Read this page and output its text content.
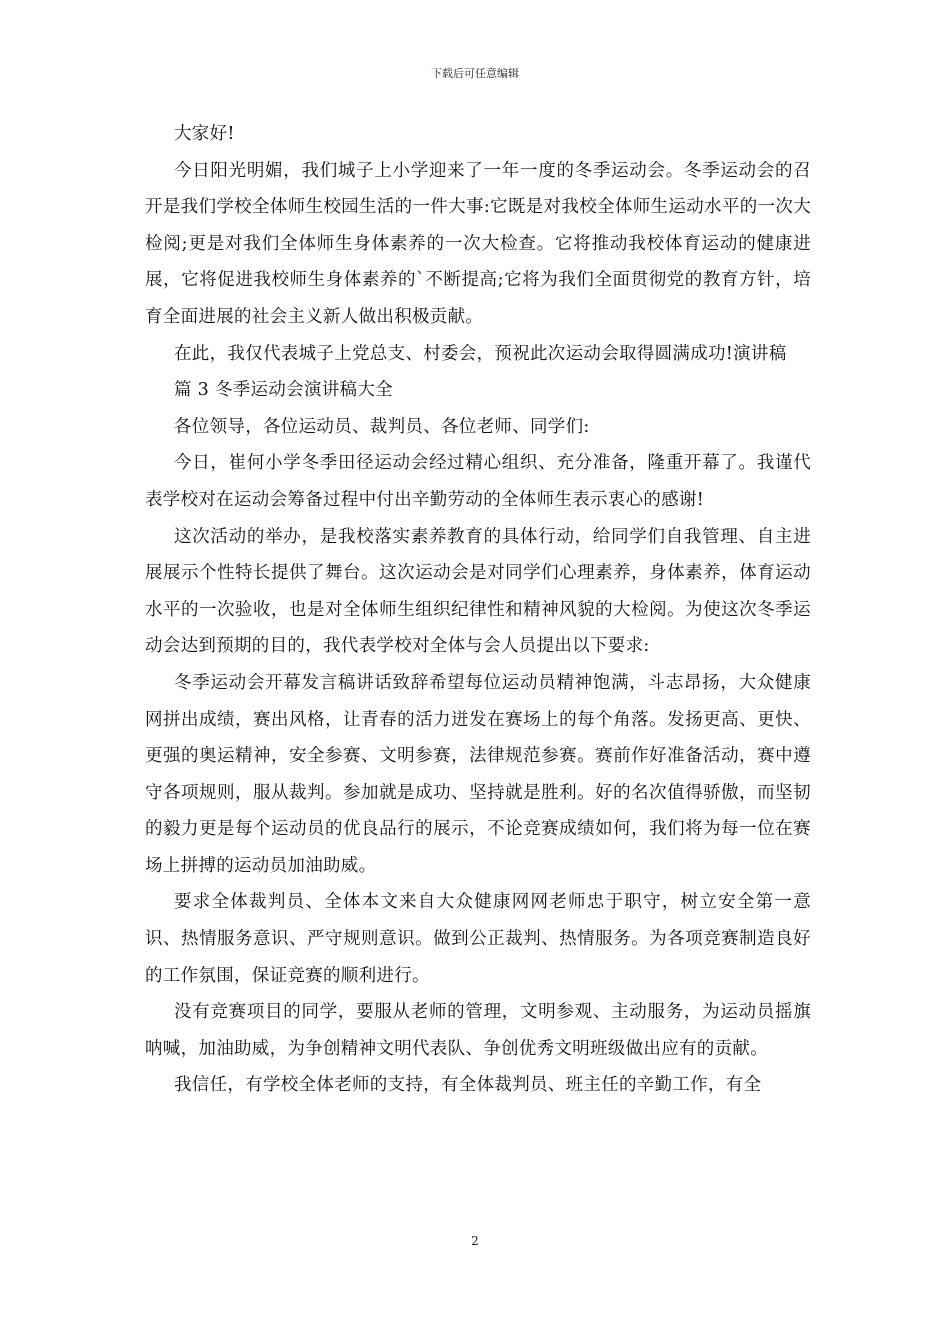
下载后可任意编辑

大家好!

今日阳光明媚，我们城子上小学迎来了一年一度的冬季运动会。冬季运动会的召开是我们学校全体师生校园生活的一件大事:它既是对我校全体师生运动水平的一次大检阅;更是对我们全体师生身体素养的一次大检查。它将推动我校体育运动的健康进展，它将促进我校师生身体素养的`不断提高;它将为我们全面贯彻党的教育方针，培育全面进展的社会主义新人做出积极贡献。

在此，我仅代表城子上党总支、村委会，预祝此次运动会取得圆满成功!演讲稿

篇 3 冬季运动会演讲稿大全

各位领导，各位运动员、裁判员、各位老师、同学们:

今日，崔何小学冬季田径运动会经过精心组织、充分准备，隆重开幕了。我谨代表学校对在运动会筹备过程中付出辛勤劳动的全体师生表示衷心的感谢!

这次活动的举办，是我校落实素养教育的具体行动，给同学们自我管理、自主进展展示个性特长提供了舞台。这次运动会是对同学们心理素养，身体素养，体育运动水平的一次验收，也是对全体师生组织纪律性和精神风貌的大检阅。为使这次冬季运动会达到预期的目的，我代表学校对全体与会人员提出以下要求:

冬季运动会开幕发言稿讲话致辞希望每位运动员精神饱满，斗志昂扬，大众健康网拼出成绩，赛出风格，让青春的活力迸发在赛场上的每个角落。发扬更高、更快、更强的奥运精神，安全参赛、文明参赛，法律规范参赛。赛前作好准备活动，赛中遵守各项规则，服从裁判。参加就是成功、坚持就是胜利。好的名次值得骄傲，而坚韧的毅力更是每个运动员的优良品行的展示，不论竞赛成绩如何，我们将为每一位在赛场上拼搏的运动员加油助威。

要求全体裁判员、全体本文来自大众健康网网老师忠于职守，树立安全第一意识、热情服务意识、严守规则意识。做到公正裁判、热情服务。为各项竞赛制造良好的工作氛围，保证竞赛的顺利进行。

没有竞赛项目的同学，要服从老师的管理，文明参观、主动服务，为运动员摇旗呐喊，加油助威，为争创精神文明代表队、争创优秀文明班级做出应有的贡献。

我信任，有学校全体老师的支持，有全体裁判员、班主任的辛勤工作，有全

2
